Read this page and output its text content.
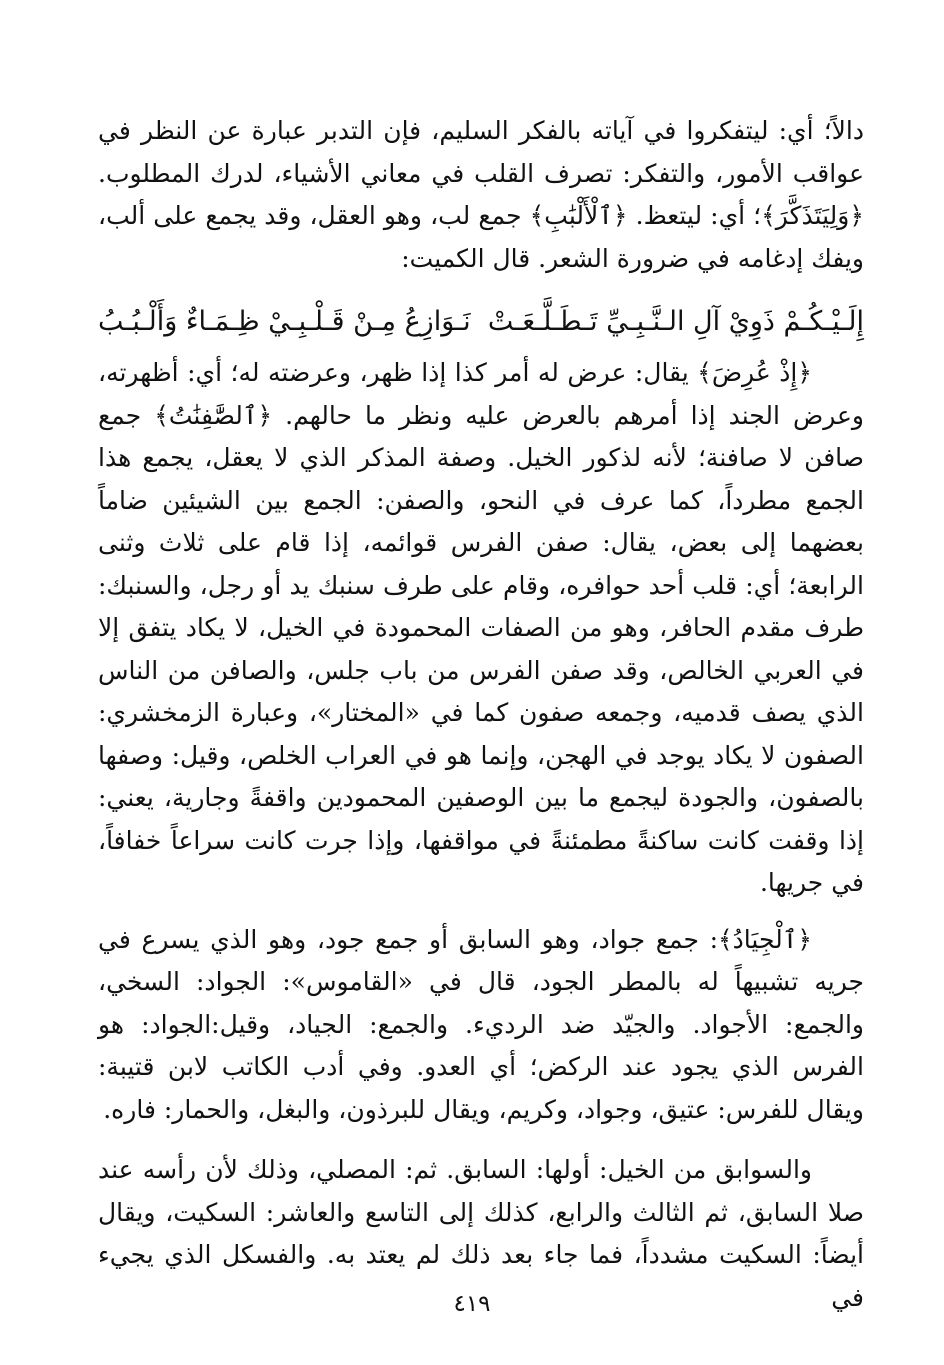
دالاً؛ أي: ليتفكروا في آياته بالفكر السليم، فإن التدبر عبارة عن النظر في عواقب الأمور، والتفكر: تصرف القلب في معاني الأشياء، لدرك المطلوب. ﴿وَلِيَتَذَكَّرَ﴾؛ أي: ليتعظ. ﴿ٱلْأَلْبَٰبِ﴾ جمع لب، وهو العقل، وقد يجمع على ألب، ويفك إدغامه في ضرورة الشعر. قال الكميت:

إِلَـيْـكُـمْ ذَوِيْ آلِ الـنَّـبِـيِّ تَـطَـلَّـعَـتْ
نَـوَازِعُ مِـنْ قَـلْـبِـيْ ظِـمَـاءٌ وَأَلْـبُـبُ

﴿إِذْ عُرِضَ﴾ يقال: عرض له أمر كذا إذا ظهر، وعرضته له؛ أي: أظهرته، وعرض الجند إذا أمرهم بالعرض عليه ونظر ما حالهم. ﴿ٱلصَّٰفِنَٰتُ﴾ جمع صافن لا صافنة؛ لأنه لذكور الخيل. وصفة المذكر الذي لا يعقل، يجمع هذا الجمع مطرداً، كما عرف في النحو، والصفن: الجمع بين الشيئين ضاماً بعضهما إلى بعض، يقال: صفن الفرس قوائمه، إذا قام على ثلاث وثنى الرابعة؛ أي: قلب أحد حوافره، وقام على طرف سنبك يد أو رجل، والسنبك: طرف مقدم الحافر، وهو من الصفات المحمودة في الخيل، لا يكاد يتفق إلا في العربي الخالص، وقد صفن الفرس من باب جلس، والصافن من الناس الذي يصف قدميه، وجمعه صفون كما في «المختار»، وعبارة الزمخشري: الصفون لا يكاد يوجد في الهجن، وإنما هو في العراب الخلص، وقيل: وصفها بالصفون، والجودة ليجمع ما بين الوصفين المحمودين واقفةً وجارية، يعني: إذا وقفت كانت ساكنةً مطمئنةً في مواقفها، وإذا جرت كانت سراعاً خفافاً، في جريها.

﴿ٱلْجِيَادُ﴾: جمع جواد، وهو السابق أو جمع جود، وهو الذي يسرع في جريه تشبيهاً له بالمطر الجود، قال في «القاموس»: الجواد: السخي، والجمع: الأجواد. والجيّد ضد الرديء. والجمع: الجياد، وقيل:الجواد: هو الفرس الذي يجود عند الركض؛ أي العدو. وفي أدب الكاتب لابن قتيبة: ويقال للفرس: عتيق، وجواد، وكريم، ويقال للبرذون، والبغل، والحمار: فاره.

والسوابق من الخيل: أولها: السابق. ثم: المصلي، وذلك لأن رأسه عند صلا السابق، ثم الثالث والرابع، كذلك إلى التاسع والعاشر: السكيت، ويقال أيضاً: السكيت مشدداً، فما جاء بعد ذلك لم يعتد به. والفسكل الذي يجيء في

٤١٩
